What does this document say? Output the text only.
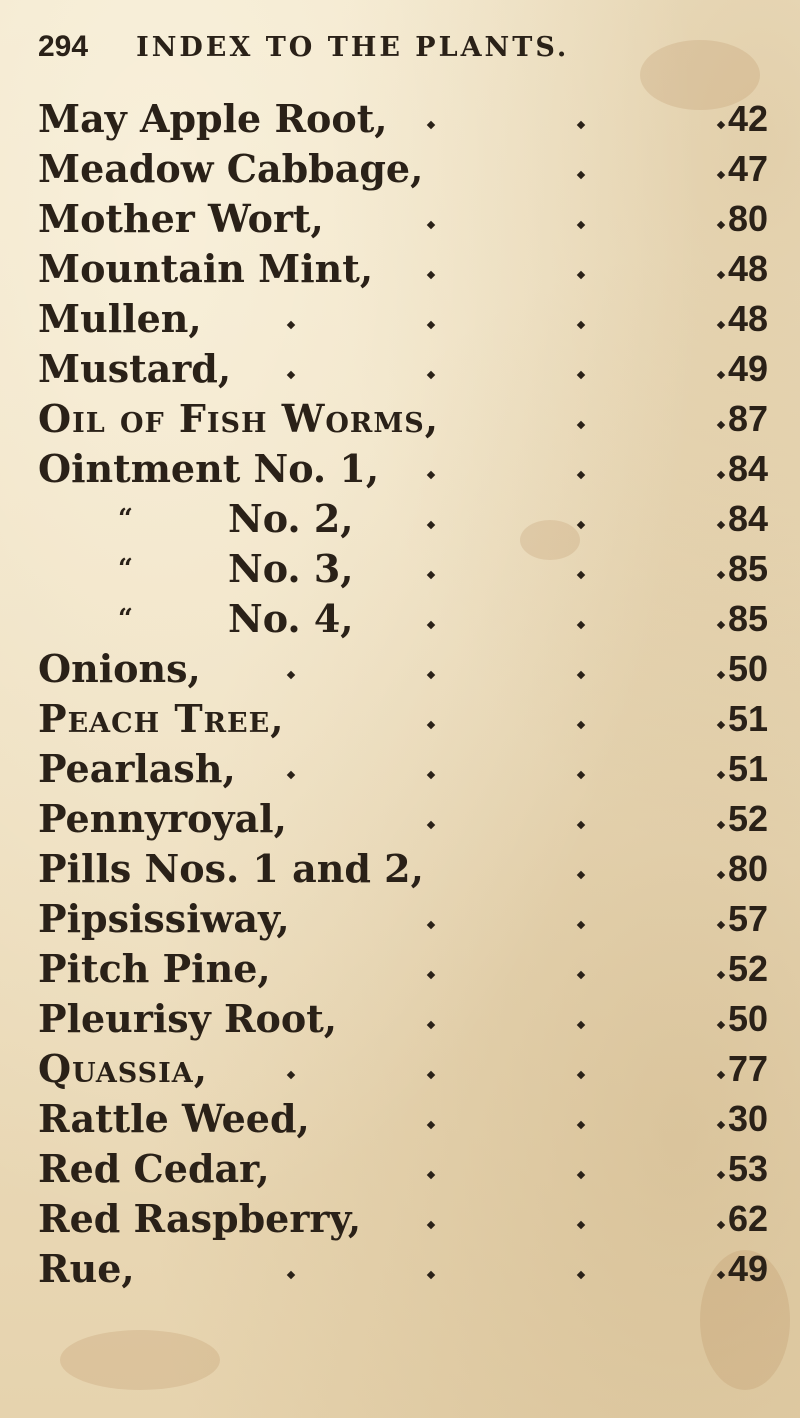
294 INDEX TO THE PLANTS.
May Apple Root,	42
Meadow Cabbage,	47
Mother Wort,	80
Mountain Mint,	48
Mullen,	48
Mustard,	49
Oil of Fish Worms,	87
Ointment No. 1,	84
“	No. 2,	84
“	No. 3,	85
“	No. 4,	85
Onions,	50
Peach Tree,	51
Pearlash,	51
Pennyroyal,	52
Pills Nos. 1 and 2,	80
Pipsissiway,	57
Pitch Pine,	52
Pleurisy Root,	50
Quassia,	77
Rattle Weed,	30
Red Cedar,	53
Red Raspberry,	62
Rue,	49
